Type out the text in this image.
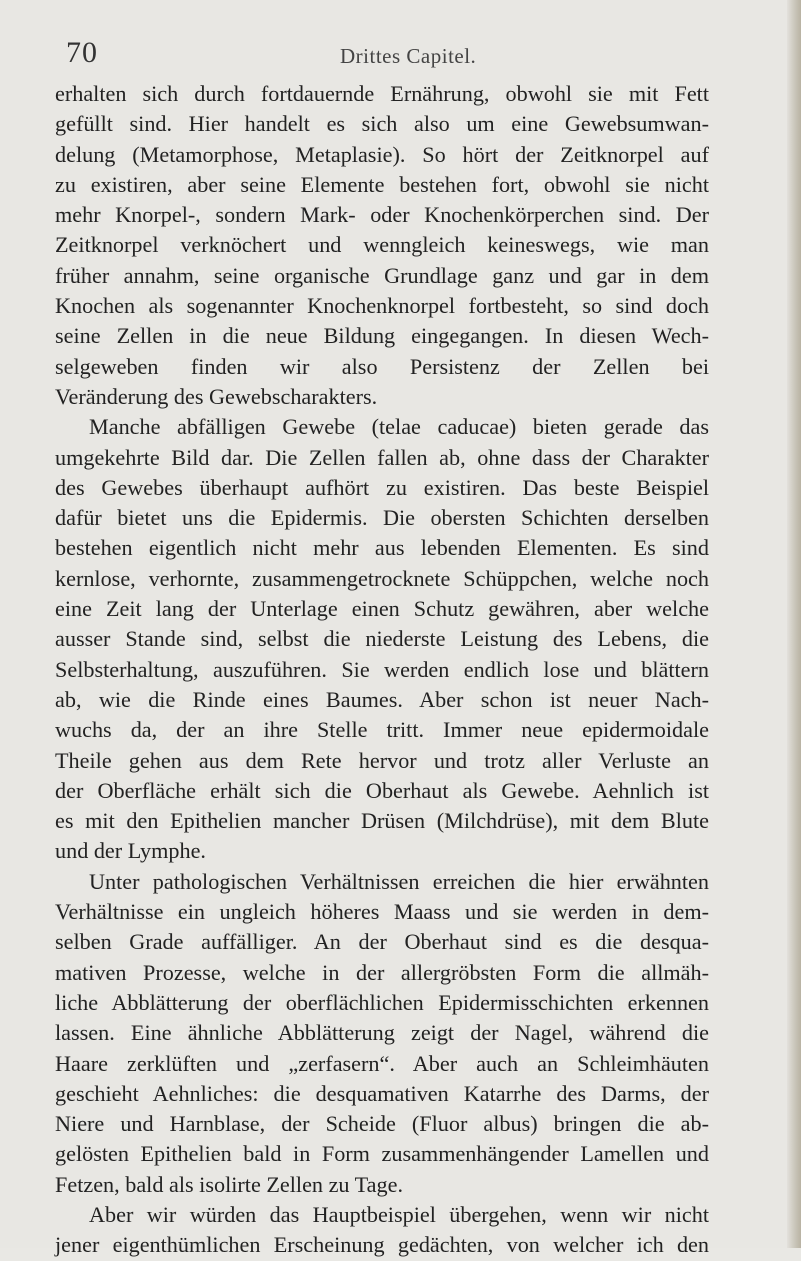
70	Drittes Capitel.
erhalten sich durch fortdauernde Ernährung, obwohl sie mit Fett
gefüllt sind. Hier handelt es sich also um eine Gewebsumwan-
delung (Metamorphose, Metaplasie). So hört der Zeitknorpel auf
zu existiren, aber seine Elemente bestehen fort, obwohl sie nicht
mehr Knorpel-, sondern Mark- oder Knochenkörperchen sind. Der
Zeitknorpel verknöchert und wenngleich keineswegs, wie man
früher annahm, seine organische Grundlage ganz und gar in dem
Knochen als sogenannter Knochenknorpel fortbesteht, so sind doch
seine Zellen in die neue Bildung eingegangen. In diesen Wech-
selgeweben finden wir also Persistenz der Zellen bei
Veränderung des Gewebscharakters.
Manche abfälligen Gewebe (telae caducae) bieten gerade das
umgekehrte Bild dar. Die Zellen fallen ab, ohne dass der Charakter
des Gewebes überhaupt aufhört zu existiren. Das beste Beispiel
dafür bietet uns die Epidermis. Die obersten Schichten derselben
bestehen eigentlich nicht mehr aus lebenden Elementen. Es sind
kernlose, verhornte, zusammengetrocknete Schüppchen, welche noch
eine Zeit lang der Unterlage einen Schutz gewähren, aber welche
ausser Stande sind, selbst die niederste Leistung des Lebens, die
Selbsterhaltung, auszuführen. Sie werden endlich lose und blättern
ab, wie die Rinde eines Baumes. Aber schon ist neuer Nach-
wuchs da, der an ihre Stelle tritt. Immer neue epidermoidale
Theile gehen aus dem Rete hervor und trotz aller Verluste an
der Oberfläche erhält sich die Oberhaut als Gewebe. Aehnlich ist
es mit den Epithelien mancher Drüsen (Milchdrüse), mit dem Blute
und der Lymphe.
Unter pathologischen Verhältnissen erreichen die hier erwähnten
Verhältnisse ein ungleich höheres Maass und sie werden in dem-
selben Grade auffälliger. An der Oberhaut sind es die desqua-
mativen Prozesse, welche in der allergröbsten Form die allmäh-
liche Abblätterung der oberflächlichen Epidermisschichten erkennen
lassen. Eine ähnliche Abblätterung zeigt der Nagel, während die
Haare zerklüften und „zerfasern“. Aber auch an Schleimhäuten
geschieht Aehnliches: die desquamativen Katarrhe des Darms, der
Niere und Harnblase, der Scheide (Fluor albus) bringen die ab-
gelösten Epithelien bald in Form zusammenhängender Lamellen und
Fetzen, bald als isolirte Zellen zu Tage.
Aber wir würden das Hauptbeispiel übergehen, wenn wir nicht
jener eigenthümlichen Erscheinung gedächten, von welcher ich den
